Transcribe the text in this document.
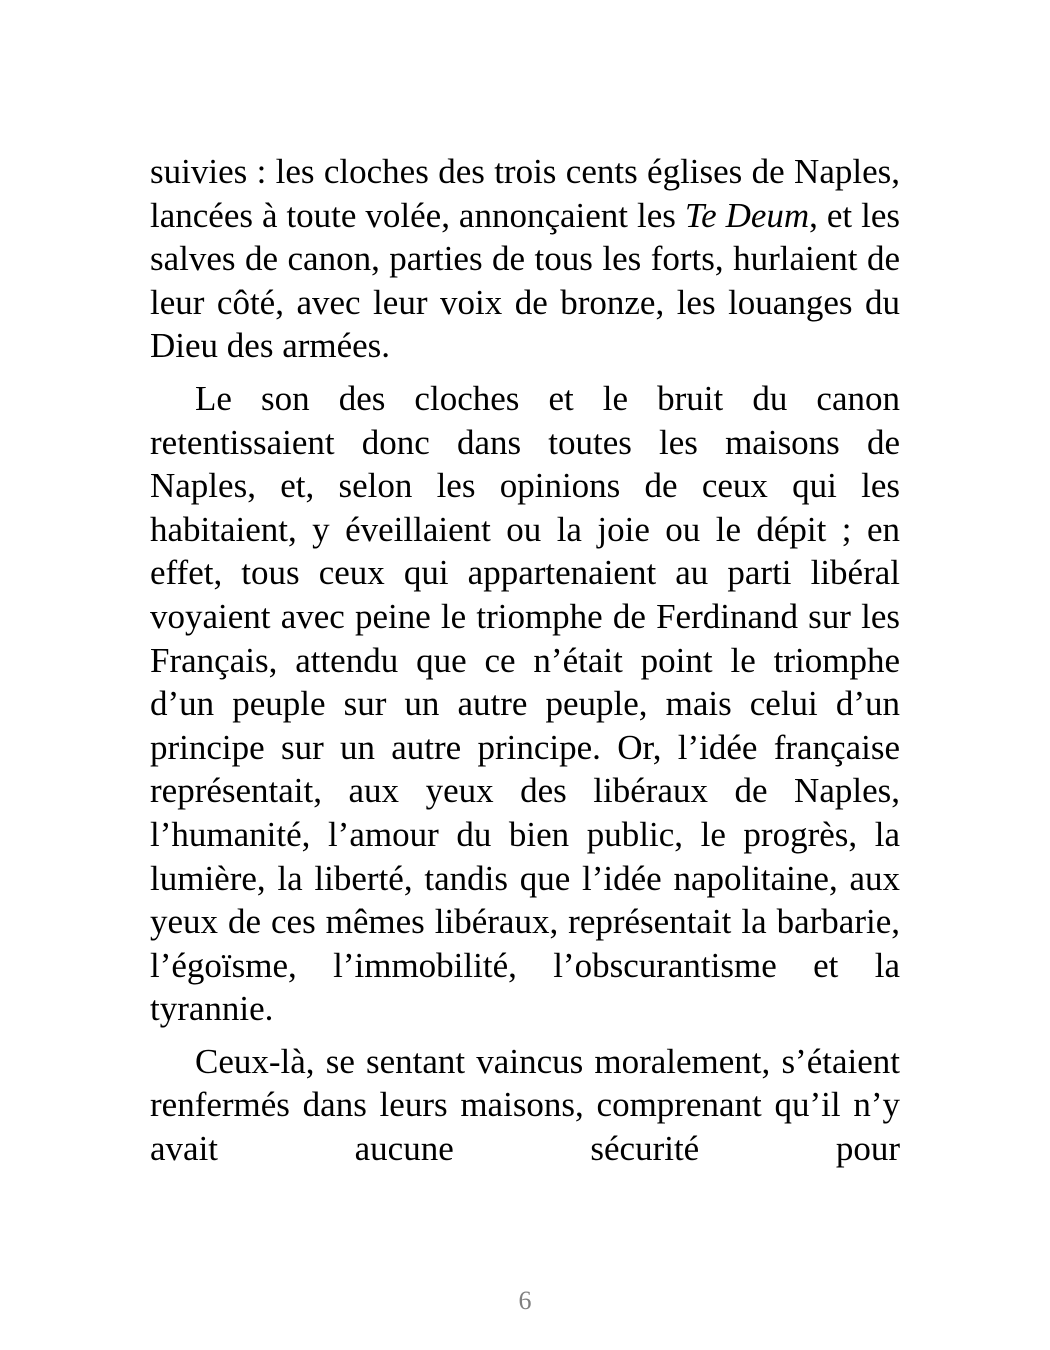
suivies : les cloches des trois cents églises de Naples, lancées à toute volée, annonçaient les Te Deum, et les salves de canon, parties de tous les forts, hurlaient de leur côté, avec leur voix de bronze, les louanges du Dieu des armées.

Le son des cloches et le bruit du canon retentissaient donc dans toutes les maisons de Naples, et, selon les opinions de ceux qui les habitaient, y éveillaient ou la joie ou le dépit ; en effet, tous ceux qui appartenaient au parti libéral voyaient avec peine le triomphe de Ferdinand sur les Français, attendu que ce n’était point le triomphe d’un peuple sur un autre peuple, mais celui d’un principe sur un autre principe. Or, l’idée française représentait, aux yeux des libéraux de Naples, l’humanité, l’amour du bien public, le progrès, la lumière, la liberté, tandis que l’idée napolitaine, aux yeux de ces mêmes libéraux, représentait la barbarie, l’égoïsme, l’immobilité, l’obscurantisme et la tyrannie.

Ceux-là, se sentant vaincus moralement, s’étaient renfermés dans leurs maisons, comprenant qu’il n’y avait aucune sécurité pour

6
